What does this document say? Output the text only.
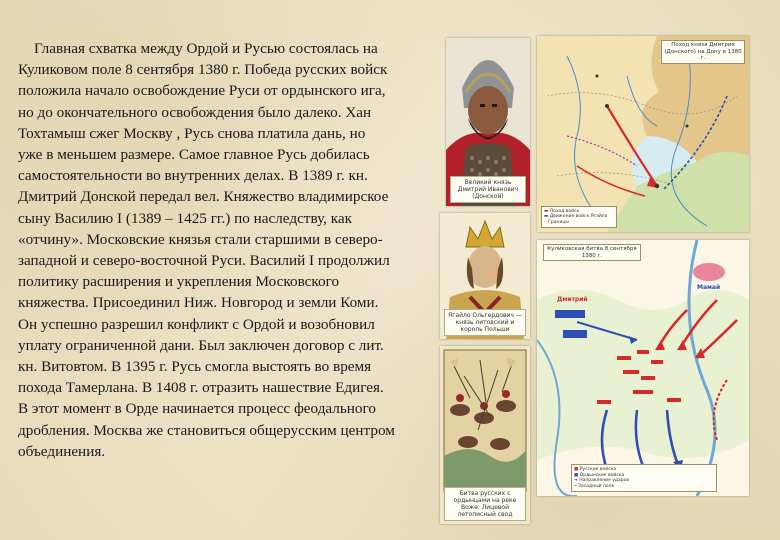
Главная схватка между Ордой и Русью состоялась на
Куликовом поле 8 сентября 1380 г. Победа русских войск
положила начало освобождение Руси от ордынского ига,
но до окончательного освобождения было далеко. Хан
Тохтамыш сжег Москву , Русь снова платила дань, но
уже в меньшем размере. Самое главное Русь добилась
самостоятельности во внутренних делах. В 1389 г. кн.
Дмитрий Донской передал вел. Княжество владимирское
сыну Василию I (1389 – 1425 гг.) по наследству, как
«отчину». Московские князья стали старшими в северо-
западной и северо-восточной Руси. Василий I продолжил
политику расширения и укрепления Московского
княжества. Присоединил Ниж. Новгород и земли Коми.
Он успешно разрешил конфликт с Ордой и возобновил
уплату ограниченной дани. Был заключен договор с лит.
кн. Витовтом. В 1395 г. Русь смогла выстоять во время
похода Тамерлана. В 1408 г. отразить нашествие Едигея.
В этот момент в Орде начинается процесс феодального
дробления. Москва же становиться общерусским центром
объединения.
Великий князь Дмитрий Иванович (Донской)
Ягайло Ольгердович — князь литовский и король Польши
Битва русских с ордынцами на реке Воже. Лицевой летописный свод
Поход князя Дмитрия (Донского) на Дону в 1380 г.
▬ Поход войск
▬ Движение войск Ягайла
┄ Границы
Куликовская битва 8 сентября 1380 г.
Дмитрий
Мамай
■ Русские войска
■ Ордынские войска
➜ Направление ударов
┅ Засадный полк
